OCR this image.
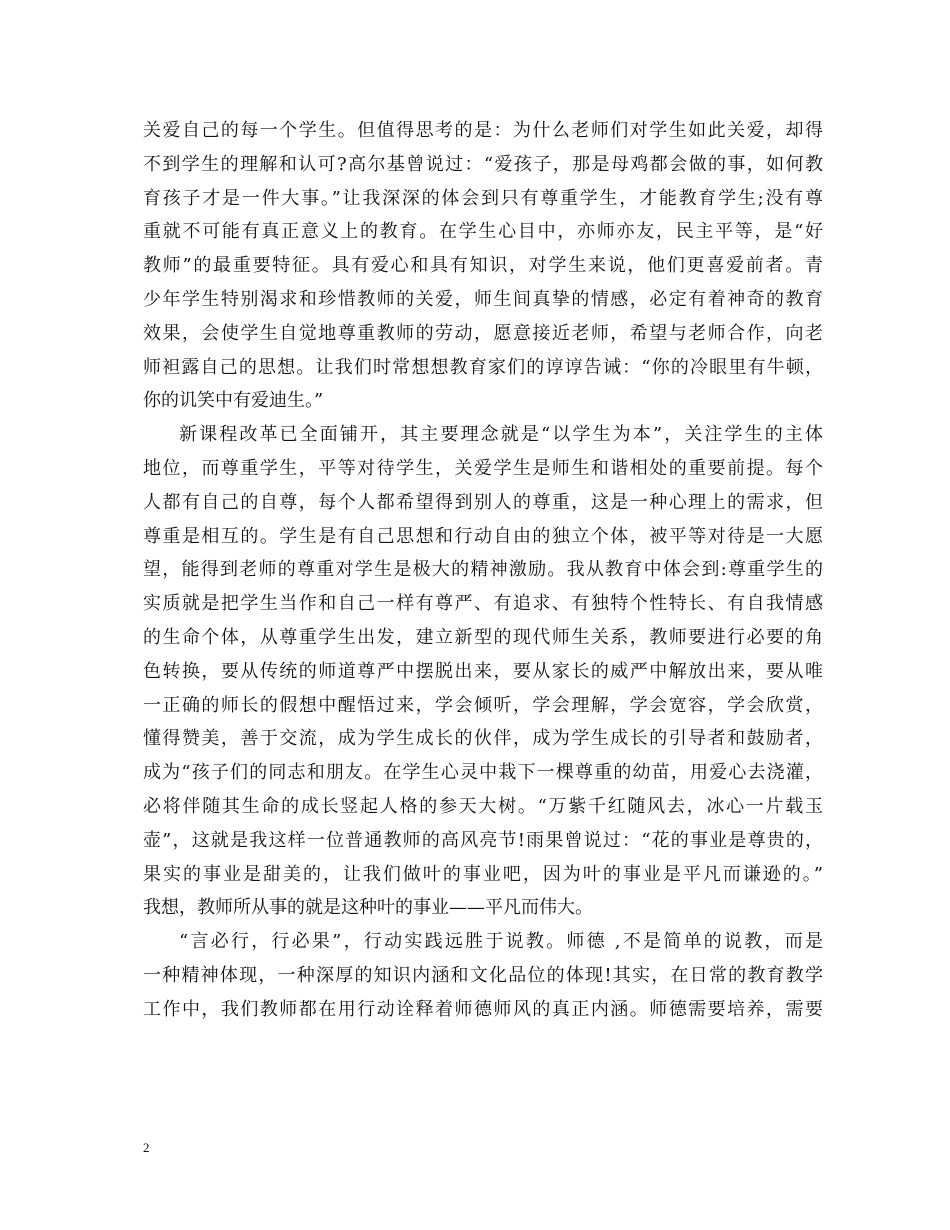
关爱自己的每一个学生。但值得思考的是：为什么老师们对学生如此关爱，却得
不到学生的理解和认可?高尔基曾说过：“爱孩子，那是母鸡都会做的事，如何教
育孩子才是一件大事。”让我深深的体会到只有尊重学生，才能教育学生;没有尊
重就不可能有真正意义上的教育。在学生心目中，亦师亦友，民主平等，是“好
教师”的最重要特征。具有爱心和具有知识，对学生来说，他们更喜爱前者。青
少年学生特别渴求和珍惜教师的关爱，师生间真挚的情感，必定有着神奇的教育
效果，会使学生自觉地尊重教师的劳动，愿意接近老师，希望与老师合作，向老
师袒露自己的思想。让我们时常想想教育家们的谆谆告诫：“你的冷眼里有牛顿，
你的讥笑中有爱迪生。”
新课程改革已全面铺开，其主要理念就是“以学生为本”，关注学生的主体
地位，而尊重学生，平等对待学生，关爱学生是师生和谐相处的重要前提。每个
人都有自己的自尊，每个人都希望得到别人的尊重，这是一种心理上的需求，但
尊重是相互的。学生是有自己思想和行动自由的独立个体，被平等对待是一大愿
望，能得到老师的尊重对学生是极大的精神激励。我从教育中体会到:尊重学生的
实质就是把学生当作和自己一样有尊严、有追求、有独特个性特长、有自我情感
的生命个体，从尊重学生出发，建立新型的现代师生关系，教师要进行必要的角
色转换，要从传统的师道尊严中摆脱出来，要从家长的威严中解放出来，要从唯
一正确的师长的假想中醒悟过来，学会倾听，学会理解，学会宽容，学会欣赏，
懂得赞美，善于交流，成为学生成长的伙伴，成为学生成长的引导者和鼓励者，
成为“孩子们的同志和朋友。在学生心灵中栽下一棵尊重的幼苗，用爱心去浇灌，
必将伴随其生命的成长竖起人格的参天大树。“万紫千红随风去，冰心一片载玉
壶”，这就是我这样一位普通教师的高风亮节!雨果曾说过：“花的事业是尊贵的，
果实的事业是甜美的，让我们做叶的事业吧，因为叶的事业是平凡而谦逊的。”
我想，教师所从事的就是这种叶的事业——平凡而伟大。
“言必行，行必果”，行动实践远胜于说教。师德 ,不是简单的说教，而是
一种精神体现，一种深厚的知识内涵和文化品位的体现!其实，在日常的教育教学
工作中，我们教师都在用行动诠释着师德师风的真正内涵。师德需要培养，需要
2
